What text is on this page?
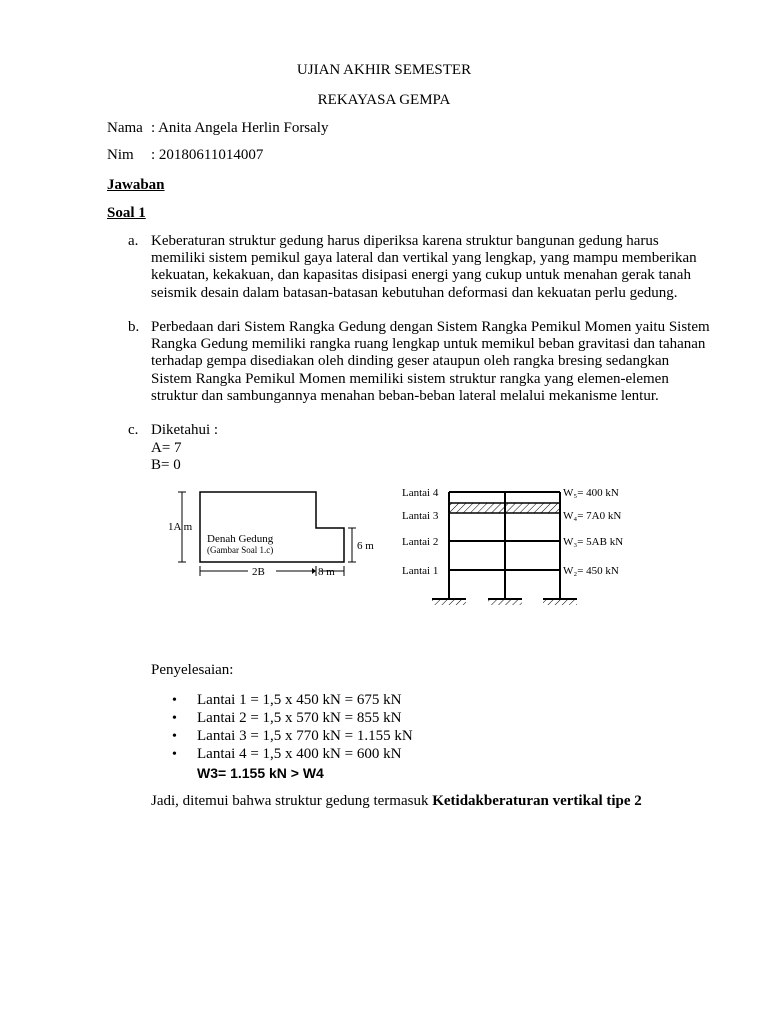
UJIAN AKHIR SEMESTER
REKAYASA GEMPA
Nama : Anita Angela Herlin Forsaly
Nim : 20180611014007
Jawaban
Soal 1
a. Keberaturan struktur gedung harus diperiksa karena struktur bangunan gedung harus memiliki sistem pemikul gaya lateral dan vertikal yang lengkap, yang mampu memberikan kekuatan, kekakuan, dan kapasitas disipasi energi yang cukup untuk menahan gerak tanah seismik desain dalam batasan-batasan kebutuhan deformasi dan kekuatan perlu gedung.
b. Perbedaan dari Sistem Rangka Gedung dengan Sistem Rangka Pemikul Momen yaitu Sistem Rangka Gedung memiliki rangka ruang lengkap untuk memikul beban gravitasi dan tahanan terhadap gempa disediakan oleh dinding geser ataupun oleh rangka bresing sedangkan Sistem Rangka Pemikul Momen memiliki sistem struktur rangka yang elemen-elemen struktur dan sambungannya menahan beban-beban lateral melalui mekanisme lentur.
c. Diketahui :
A= 7
B= 0
1A m
6 m
Denah Gedung
(Gambar Soal 1.c)
2B	8 m
Lantai 4
Lantai 3
Lantai 2
Lantai 1
W₅= 400 kN
W₄= 7A0 kN
W₃= 5AB kN
W₂= 450 kN
Penyelesaian:
• Lantai 1 = 1,5 x 450 kN = 675 kN
• Lantai 2 = 1,5 x 570 kN = 855 kN
• Lantai 3 = 1,5 x 770 kN = 1.155 kN
• Lantai 4 = 1,5 x 400 kN = 600 kN
W3= 1.155 kN > W4
Jadi, ditemui bahwa struktur gedung termasuk Ketidakberaturan vertikal tipe 2
